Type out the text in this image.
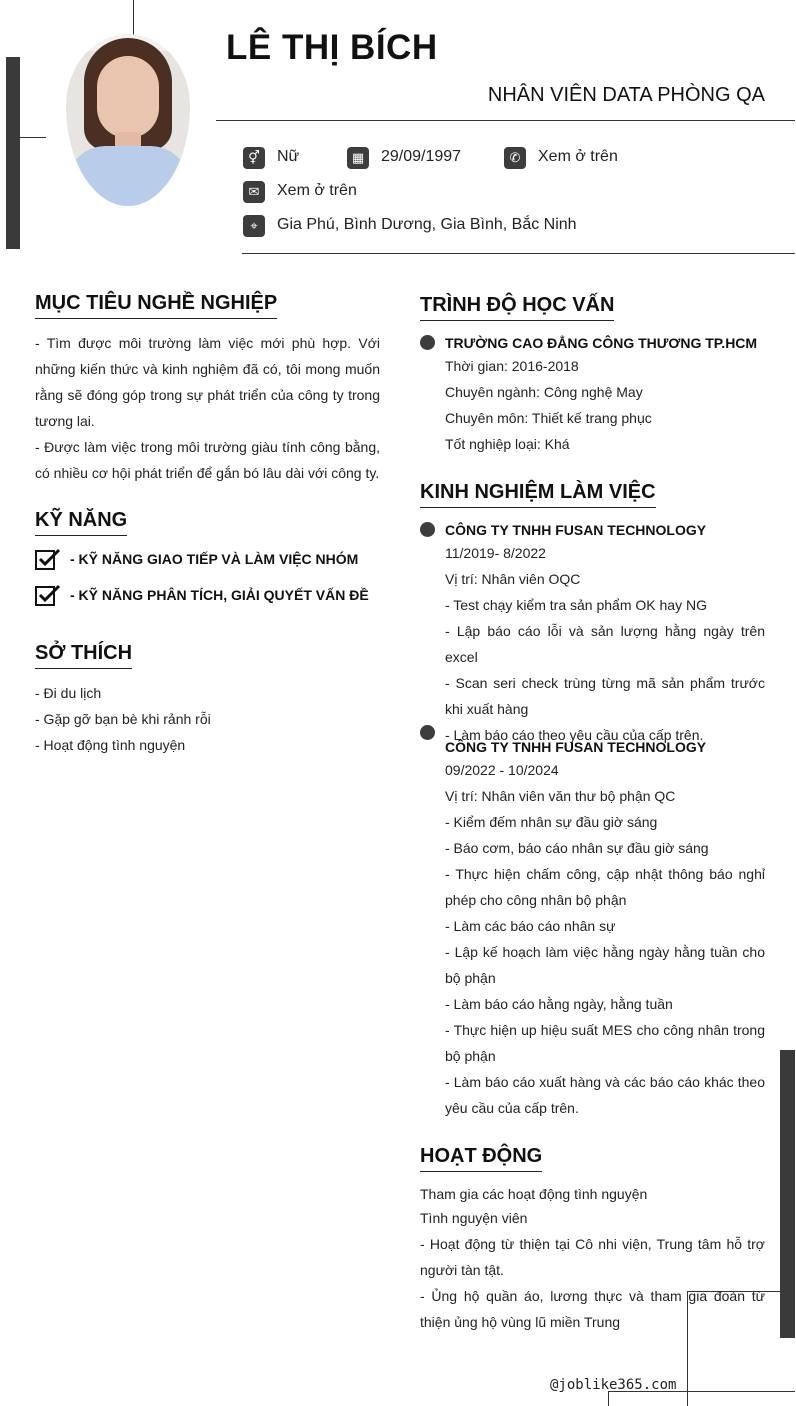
LÊ THỊ BÍCH
NHÂN VIÊN DATA PHÒNG QA
⚥	Nữ	▦	29/09/1997	✆	Xem ở trên
✉	Xem ở trên
⌖	Gia Phú, Bình Dương, Gia Bình, Bắc Ninh
MỤC TIÊU NGHỀ NGHIỆP

- Tìm được môi trường làm việc mới phù hợp. Với những kiến thức và kinh nghiệm đã có, tôi mong muốn rằng sẽ đóng góp trong sự phát triển của công ty trong tương lai.

- Được làm việc trong môi trường giàu tính công bằng, có nhiều cơ hội phát triển để gắn bó lâu dài với công ty.

KỸ NĂNG
- KỸ NĂNG GIAO TIẾP VÀ LÀM VIỆC NHÓM
- KỸ NĂNG PHÂN TÍCH, GIẢI QUYẾT VẤN ĐỀ
SỞ THÍCH
- Đi du lịch
- Gặp gỡ bạn bè khi rảnh rỗi
- Hoạt động tình nguyện
TRÌNH ĐỘ HỌC VẤN
TRƯỜNG CAO ĐẲNG CÔNG THƯƠNG TP.HCM
Thời gian: 2016-2018
Chuyên ngành: Công nghệ May
Chuyên môn: Thiết kế trang phục
Tốt nghiệp loại: Khá
KINH NGHIỆM LÀM VIỆC
CÔNG TY TNHH FUSAN TECHNOLOGY
11/2019- 8/2022
Vị trí: Nhân viên OQC
- Test chạy kiểm tra sản phẩm OK hay NG
- Lập báo cáo lỗi và sản lượng hằng ngày trên excel
- Scan seri check trùng từng mã sản phẩm trước khi xuất hàng
- Làm báo cáo theo yêu cầu của cấp trên.
CÔNG TY TNHH FUSAN TECHNOLOGY
09/2022 - 10/2024
Vị trí: Nhân viên văn thư bộ phận QC
- Kiểm đếm nhân sự đầu giờ sáng
- Báo cơm, báo cáo nhân sự đầu giờ sáng
- Thực hiện chấm công, cập nhật thông báo nghỉ phép cho công nhân bộ phận
- Làm các báo cáo nhân sự
- Lập kế hoạch làm việc hằng ngày hằng tuần cho bộ phận
- Làm báo cáo hằng ngày, hằng tuần
- Thực hiện up hiệu suất MES cho công nhân trong bộ phận
- Làm báo cáo xuất hàng và các báo cáo khác theo yêu cầu của cấp trên.
HOẠT ĐỘNG
Tham gia các hoạt động tình nguyện
Tình nguyện viên
- Hoạt động từ thiện tại Cô nhi viện, Trung tâm hỗ trợ người tàn tật.
- Ủng hộ quần áo, lương thực và tham gia đoàn từ thiện ủng hộ vùng lũ miền Trung
@joblike365.com
